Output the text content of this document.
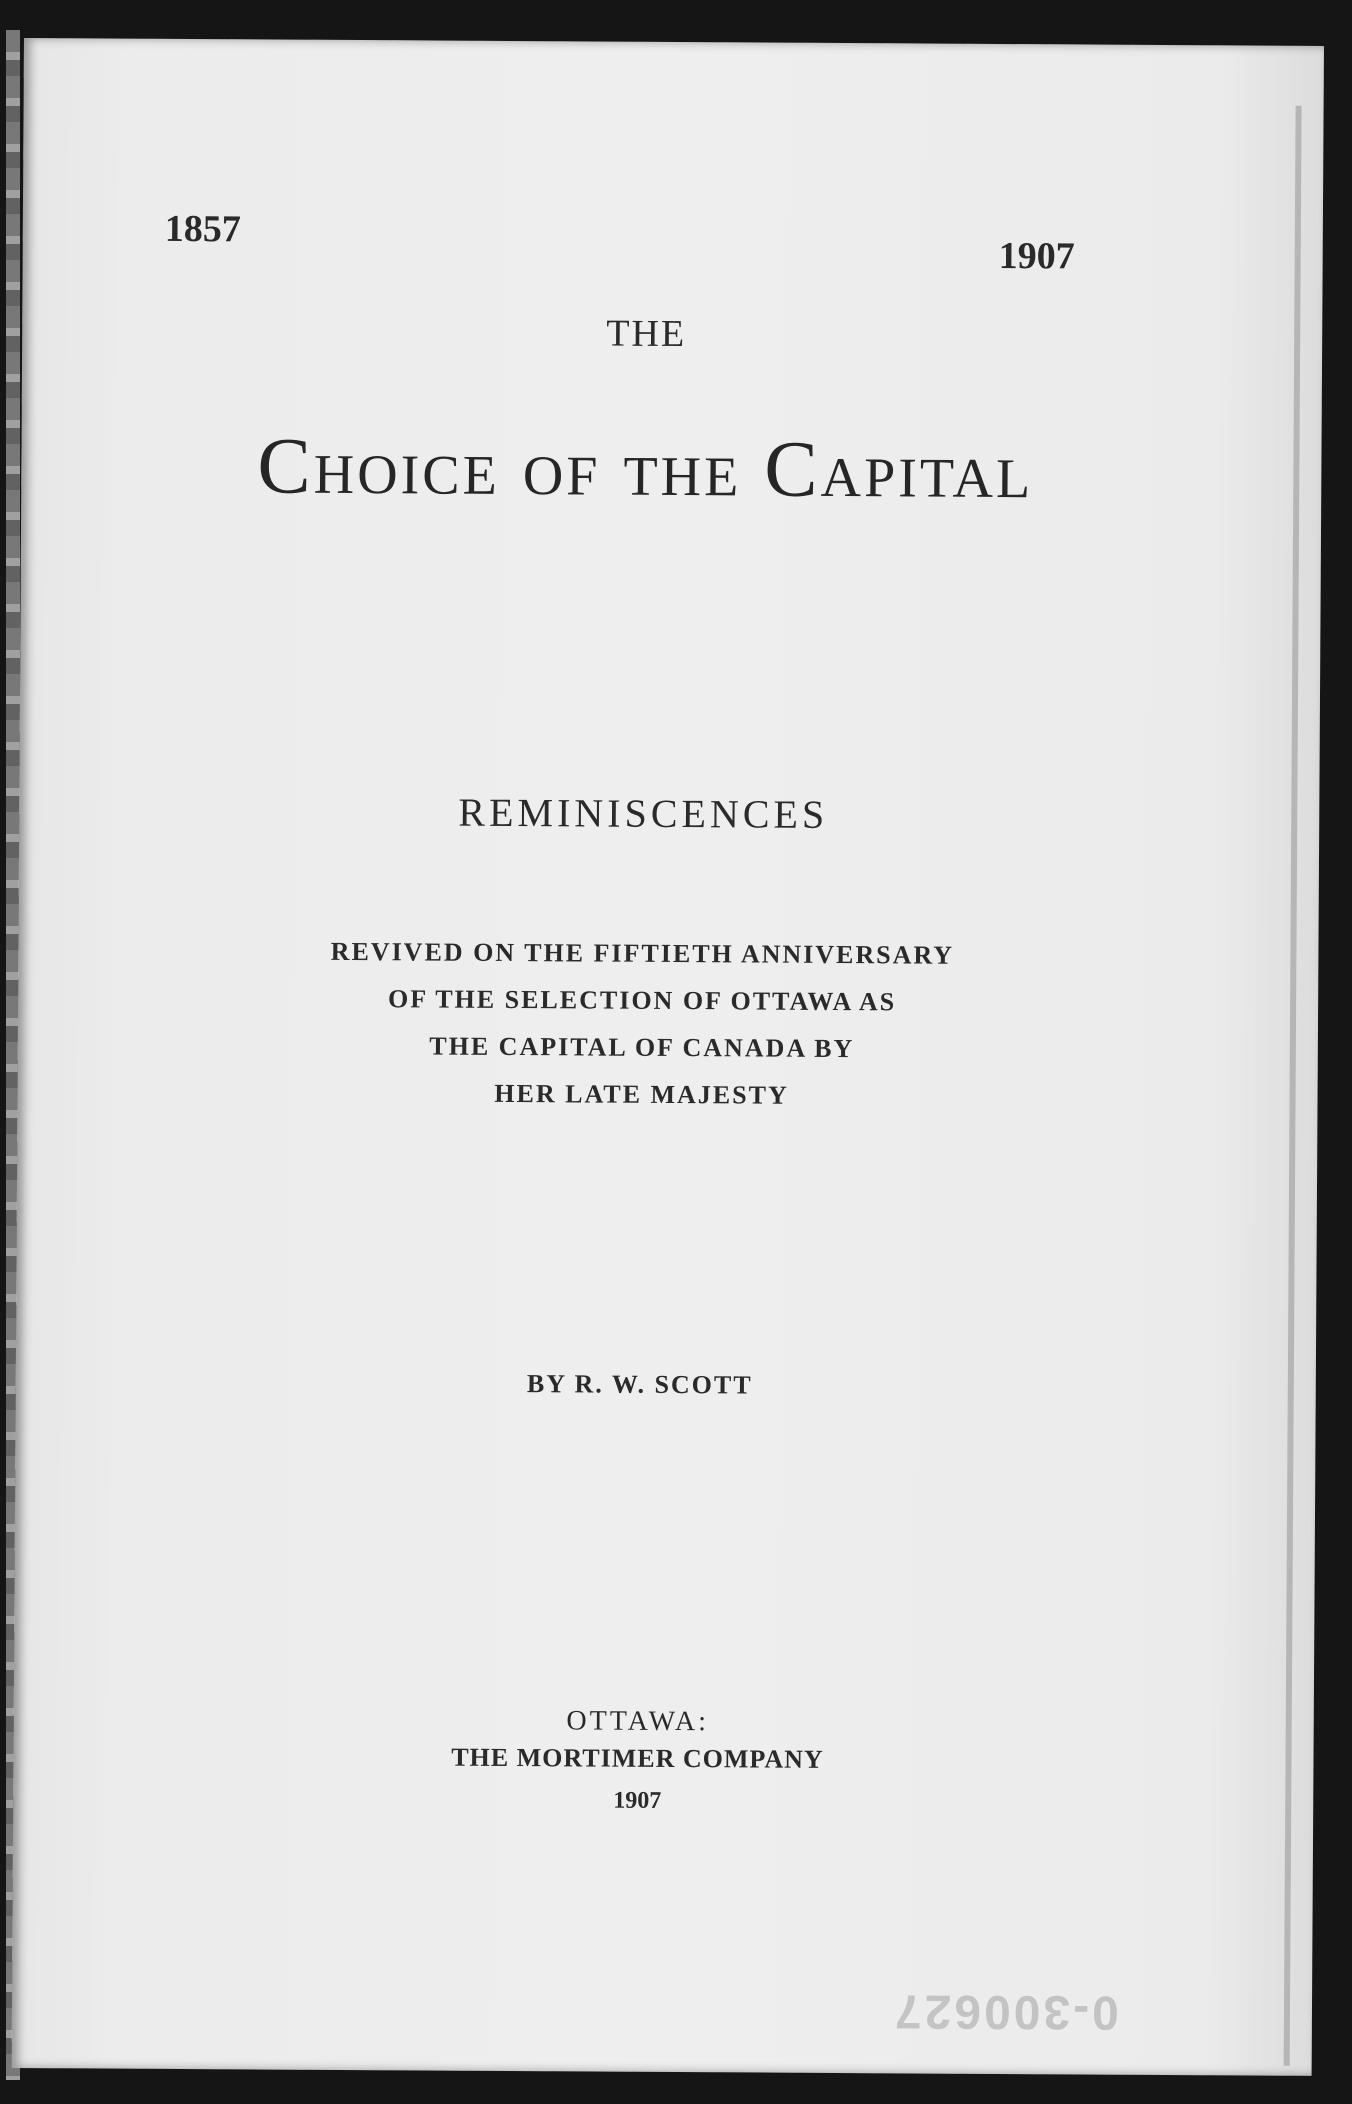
1857
1907
THE
Choice of the Capital
REMINISCENCES
REVIVED ON THE FIFTIETH ANNIVERSARY
OF THE SELECTION OF OTTAWA AS
THE CAPITAL OF CANADA BY
HER LATE MAJESTY
BY R. W. SCOTT
OTTAWA:
THE MORTIMER COMPANY
1907
0-300627
